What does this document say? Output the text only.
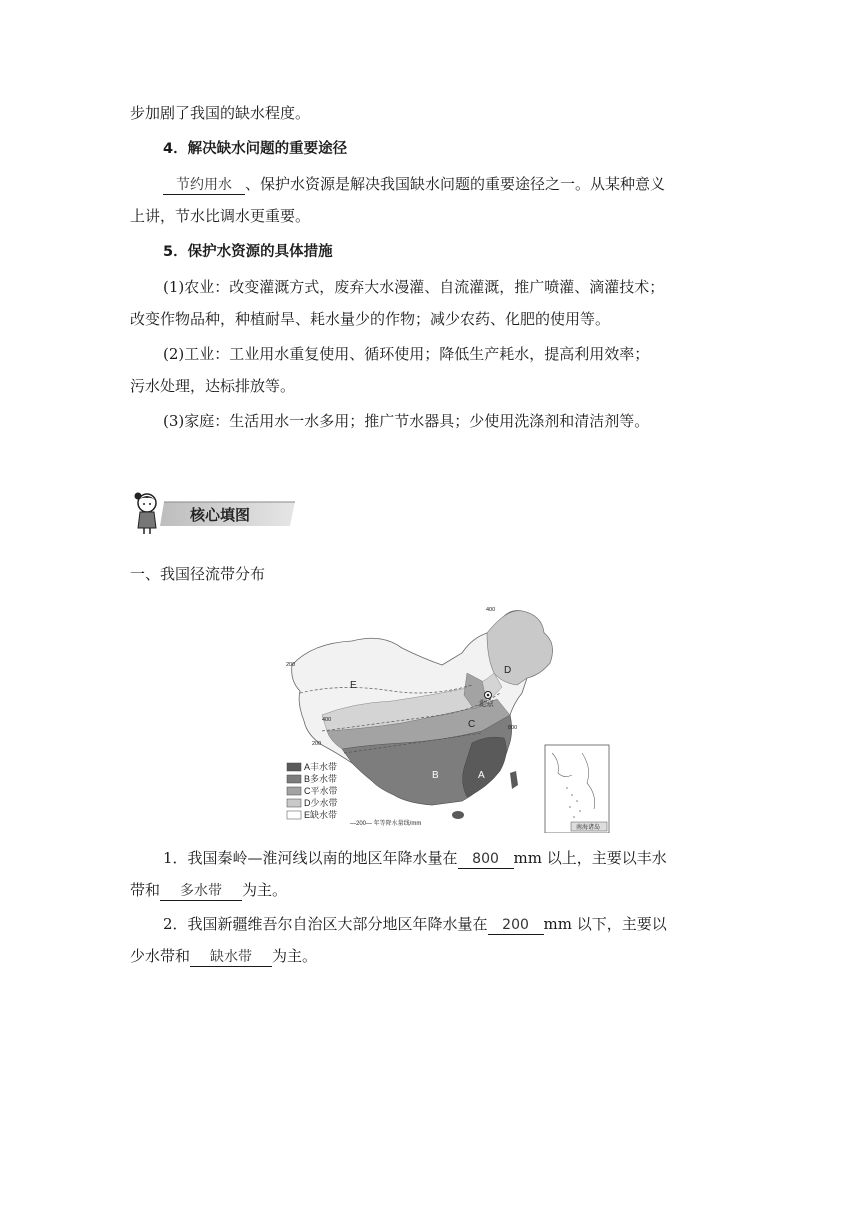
步加剧了我国的缺水程度。
4．解决缺水问题的重要途径
节约用水 、保护水资源是解决我国缺水问题的重要途径之一。从某种意义
上讲，节水比调水更重要。
5．保护水资源的具体措施
(1)农业：改变灌溉方式，废弃大水漫灌、自流灌溉，推广喷灌、滴灌技术；
改变作物品种，种植耐旱、耗水量少的作物；减少农药、化肥的使用等。
(2)工业：工业用水重复使用、循环使用；降低生产耗水，提高利用效率；
污水处理，达标排放等。
(3)家庭：生活用水一水多用；推广节水器具；少使用洗涤剂和清洁剂等。
核心填图
一、我国径流带分布
A丰水带
B多水带
C平水带
D少水带
E缺水带
—200— 年等降水量线/mm
北京
南海诸岛
A
B
C
D
E
400
200
200
400
800
1．我国秦岭—淮河线以南的地区年降水量在 800 mm 以上，主要以丰水
带和 多水带 为主。
2．我国新疆维吾尔自治区大部分地区年降水量在 200 mm 以下，主要以
少水带和 缺水带 为主。
